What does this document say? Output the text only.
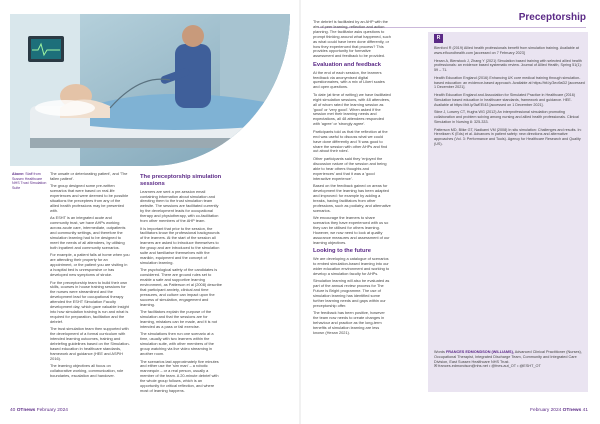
Preceptorship
Above: Staff from Sussex Healthcare NHS Trust Simulation Suite

The unsafe or deteriorating patient', and 'The fallen patient'.

The group designed some pre-written scenarios that were based on real-life experiences and were deemed to be possible situations the preceptees from any of the allied health professions may be presented with.

As ESHT is an integrated acute and community trust, we have AHPs working across acute care, intermediate, outpatients and community settings, and therefore the simulation learning had to be designed to meet the needs of all attendees, by utilising both inpatient and community scenarios.

For example, a patient falls at home when you are attending their property for an appointment, or the patient you are visiting in a hospital bed is unresponsive or has developed new symptoms of stroke.

For the preceptorship team to build their own skills, courses in house training sessions for the nurses were streamlined and the development lead for occupational therapy attended the ESHT Simulation Faculty development day, which gave valuable insight into how simulation training is run and what is required for preparation, facilitation and the debrief.

The trust simulation team then supported with the development of a formal curriculum with intended learning outcomes, training and debriefing guidelines based on the Simulation-based education in healthcare standards, framework and guidance (HEE and ASPiH 2016).

The learning objectives all focus on collaborative working, communication, role boundaries, escalation and handover.

The preceptorship simulation sessions

Learners are sent a pre-session email containing information about simulation and directing them to the trust simulation team website. The sessions are facilitated currently by the development leads for occupational therapy and physiotherapy, with co-facilitation from other members of the AHP team.

It is important that prior to the session, the facilitators know the professional backgrounds of the learners. At the start of the session all learners are asked to introduce themselves to the group and are introduced to the simulation suite and familiarise themselves with the manikin, equipment and the concept of simulation learning.

The psychological safety of the candidates is considered. There are ground rules set to enable a safe and supportive learning environment, as Patterson et al (2008) describe that participant anxiety, clinical and time pressures, and culture can impact upon the success of simulation, engagement and learning.

The facilitators explain the purpose of the simulation and that the sessions are for learning, mistakes can be made, and it is not intended as a pass or fail exercise.

The simulations then run one scenario at a time, usually with two learners within the simulation suite, with other members of the group watching via live video streaming in another room.

The scenarios last approximately five minutes and either use the 'sim man' – a robotic mannequin – or a real person, usually a member of the team. A 20-minute debrief with the whole group follows, which is an opportunity for critical reflection, and where most of learning happens.

The debrief is facilitated by an AHP with the aim of peer learning, reflection and action planning. The facilitator asks questions to prompt thinking around what happened, such as what could have been done differently, or how they experienced that process? This provides opportunity for formative assessment and feedback to be provided.

Evaluation and feedback

At the end of each session, the learners feedback via anonymised digital questionnaires, with a mix of Likert scales and open questions.

To date (at time of writing) we have facilitated eight simulation sessions, with 48 attendees, all of whom rated the learning session as 'good' or 'very good'. When asked if the session met their learning needs and expectations, all 48 attendees responded with 'agree' or 'strongly agree'.

Participants told us that the reflection at the end was useful to discuss what we could have done differently and 'It was good to share the session with other AHPs and find out about their roles'.

Other participants said they 'enjoyed the discussion nature of the session and being able to hear others thoughts and experiences' and that it was a 'good interactive experience'.

Based on the feedback gained on areas for development the learning has been adapted and improved: for example by adding a breaks, having facilitators from other professions, such as podiatry, and alternative scenarios.

We encourage the learners to share scenarios they have experienced with us so they can be utilised for others learning. However, we now need to look at quality assurance measures and assessment of our learning objectives.

Looking to the future

We are developing a catalogue of scenarios to embed simulation-based learning into our wider education environment and working to develop a simulation faculty for AHPs.

Simulation learning will also be evaluated as part of the annual review process for The Future is Bright programme. The use of simulation learning has identified some further learning needs and gaps within our preceptorship offer.

The feedback has been positive, however the team now needs to create changes in behaviour and practice as the long-term benefits of simulation learning are less known (Hexan 2021).

R

Blenford R (2019) Allied health professionals benefit from simulation training. Available at www.elfoundhealth.com [accessed on 7 February 2023]

Hexan A, Blenstock J, Zhang Y (2021) Simulation based training with selected allied health professionals: an evidence based systematic review. Journal of Allied Health, Spring 51(1): 59 – 71.

Health Education England (2016) Enhancing UK core medical training through simulation-based education: an evidence-based approach. Available at https://bit.ly/3eo9aD2 [accessed 1 December 2021].

Health Education England and Association for Simulated Practice in Healthcare (2016) Simulation based education in healthcare standards, framework and guidance. HEE. Available at https://bit.ly/3wEEI43 [accessed on 1 December 2021].

Stine J, Lowery CT, Hughs WG (2012) An interprofessional simulation promoting collaboration and problem solving among nursing and allied health professionals. Clinical Simulation in Nursing 8: 325-333.

Patterson MD, Blike GT, Nadkarni VM (2008) In situ simulation: Challenges and results. In: Henriksen K (Eds) et al. Advances in patient safety: new directions and alternative approaches (Vol. 3: Performance and Tools). Agency for Healthcare Research and Quality (US).

Words FRANCES EDMONDSON (WILLIAMS), Advanced Clinical Practitioner (Nurses), Occupational Therapist, Integrated Discharge Team, Community and Integrated Care Division, East Sussex Healthcare NHS Trust.
✉ frances.edmondson@nhs.net • @fnes.aut_OT • @ESHT_OT
40 OTnews February 2024	February 2024 OTnews 41
